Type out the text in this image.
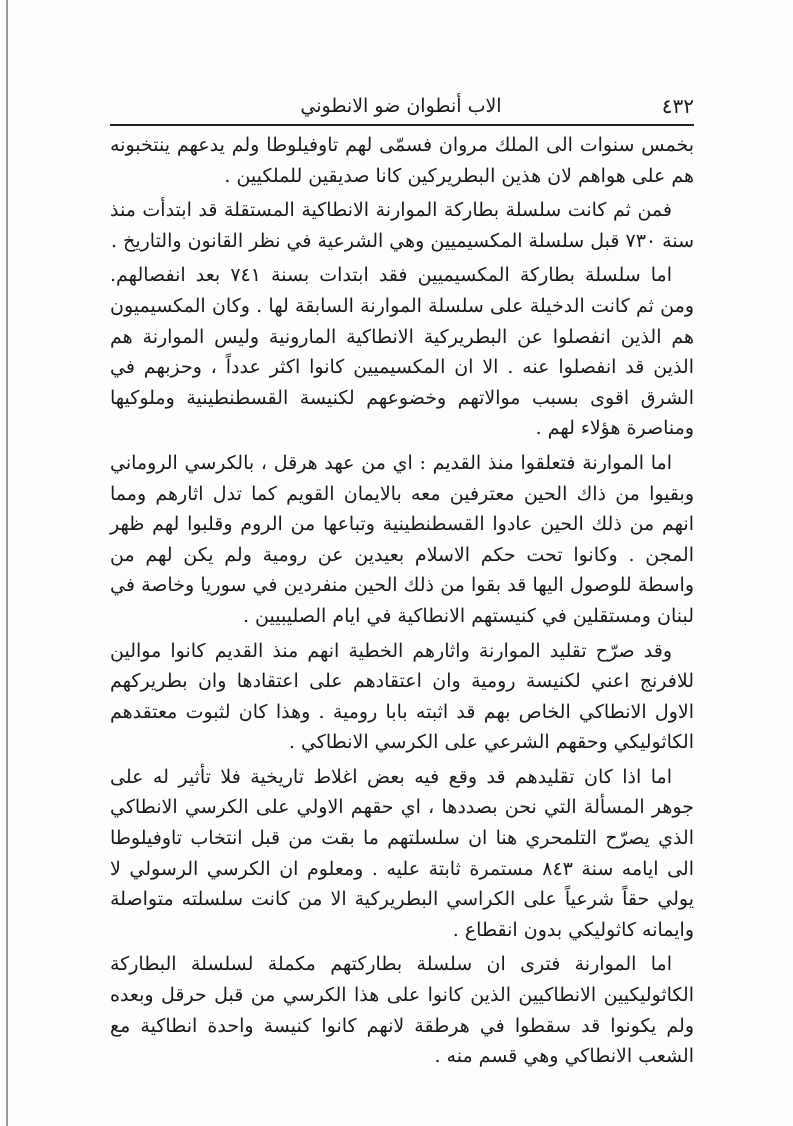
٤٣٢
الاب أنطوان ضو الانطوني

بخمس سنوات الى الملك مروان فسمّى لهم تاوفيلوطا ولم يدعهم ينتخبونه هم على هواهم لان هذين البطريركين كانا صديقين للملكيين .

فمن ثم كانت سلسلة بطاركة الموارنة الانطاكية المستقلة قد ابتدأت منذ سنة ٧٣٠ قبل سلسلة المكسيميين وهي الشرعية في نظر القانون والتاريخ .

اما سلسلة بطاركة المكسيميين فقد ابتدات بسنة ٧٤١ بعد انفصالهم. ومن ثم كانت الدخيلة على سلسلة الموارنة السابقة لها . وكان المكسيميون هم الذين انفصلوا عن البطريركية الانطاكية المارونية وليس الموارنة هم الذين قد انفصلوا عنه . الا ان المكسيميين كانوا اكثر عدداً ، وحزبهم في الشرق اقوى بسبب موالاتهم وخضوعهم لكنيسة القسطنطينية وملوكيها ومناصرة هؤلاء لهم .

اما الموارنة فتعلقوا منذ القديم : اي من عهد هرقل ، بالكرسي الروماني وبقيوا من ذاك الحين معترفين معه بالايمان القويم كما تدل اثارهم ومما انهم من ذلك الحين عادوا القسطنطينية وتباعها من الروم وقلبوا لهم ظهر المجن . وكانوا تحت حكم الاسلام بعيدين عن رومية ولم يكن لهم من واسطة للوصول اليها قد بقوا من ذلك الحين منفردين في سوريا وخاصة في لبنان ومستقلين في كنيستهم الانطاكية في ايام الصليبيين .

وقد صرّح تقليد الموارنة واثارهم الخطية انهم منذ القديم كانوا موالين للافرنج اعني لكنيسة رومية وان اعتقادهم على اعتقادها وان بطريركهم الاول الانطاكي الخاص بهم قد اثبته بابا رومية . وهذا كان لثبوت معتقدهم الكاثوليكي وحقهم الشرعي على الكرسي الانطاكي .

اما اذا كان تقليدهم قد وقع فيه بعض اغلاط تاريخية فلا تأثير له على جوهر المسألة التي نحن بصددها ، اي حقهم الاولي على الكرسي الانطاكي الذي يصرّح التلمحري هنا ان سلسلتهم ما بقت من قبل انتخاب تاوفيلوطا الى ايامه سنة ٨٤٣ مستمرة ثابتة عليه . ومعلوم ان الكرسي الرسولي لا يولي حقاً شرعياً على الكراسي البطريركية الا من كانت سلسلته متواصلة وايمانه كاثوليكي بدون انقطاع .

اما الموارنة فترى ان سلسلة بطاركتهم مكملة لسلسلة البطاركة الكاثوليكيين الانطاكيين الذين كانوا على هذا الكرسي من قبل حرقل وبعده ولم يكونوا قد سقطوا في هرطقة لانهم كانوا كنيسة واحدة انطاكية مع الشعب الانطاكي وهي قسم منه .
